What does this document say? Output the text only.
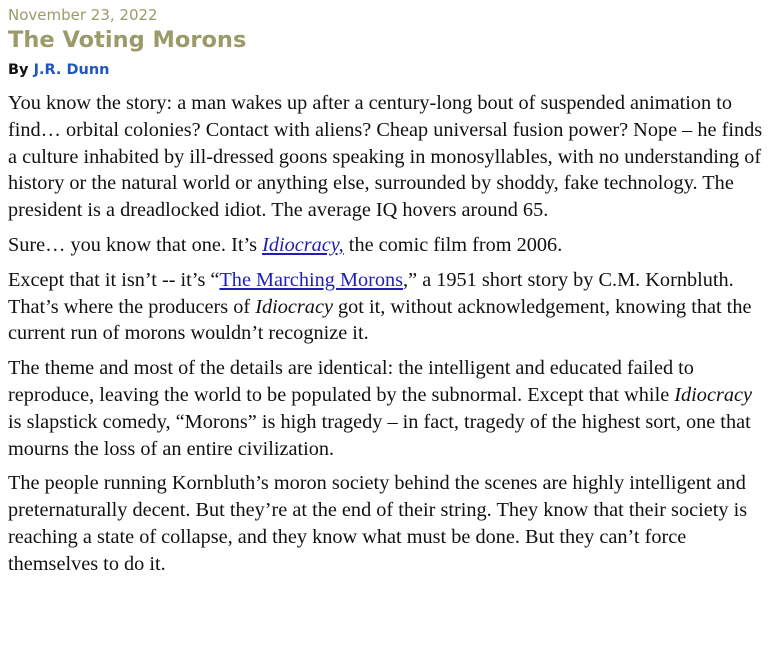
November 23, 2022
The Voting Morons
By J.R. Dunn

You know the story: a man wakes up after a century-long bout of suspended animation to find… orbital colonies? Contact with aliens? Cheap universal fusion power? Nope – he finds a culture inhabited by ill-dressed goons speaking in monosyllables, with no understanding of history or the natural world or anything else, surrounded by shoddy, fake technology. The president is a dreadlocked idiot. The average IQ hovers around 65.

Sure… you know that one. It’s Idiocracy, the comic film from 2006.

Except that it isn’t -- it’s “The Marching Morons,” a 1951 short story by C.M. Kornbluth. That’s where the producers of Idiocracy got it, without acknowledgement, knowing that the current run of morons wouldn’t recognize it.

The theme and most of the details are identical: the intelligent and educated failed to reproduce, leaving the world to be populated by the subnormal. Except that while Idiocracy is slapstick comedy, “Morons” is high tragedy – in fact, tragedy of the highest sort, one that mourns the loss of an entire civilization.

The people running Kornbluth’s moron society behind the scenes are highly intelligent and preternaturally decent. But they’re at the end of their string. They know that their society is reaching a state of collapse, and they know what must be done. But they can’t force themselves to do it.
